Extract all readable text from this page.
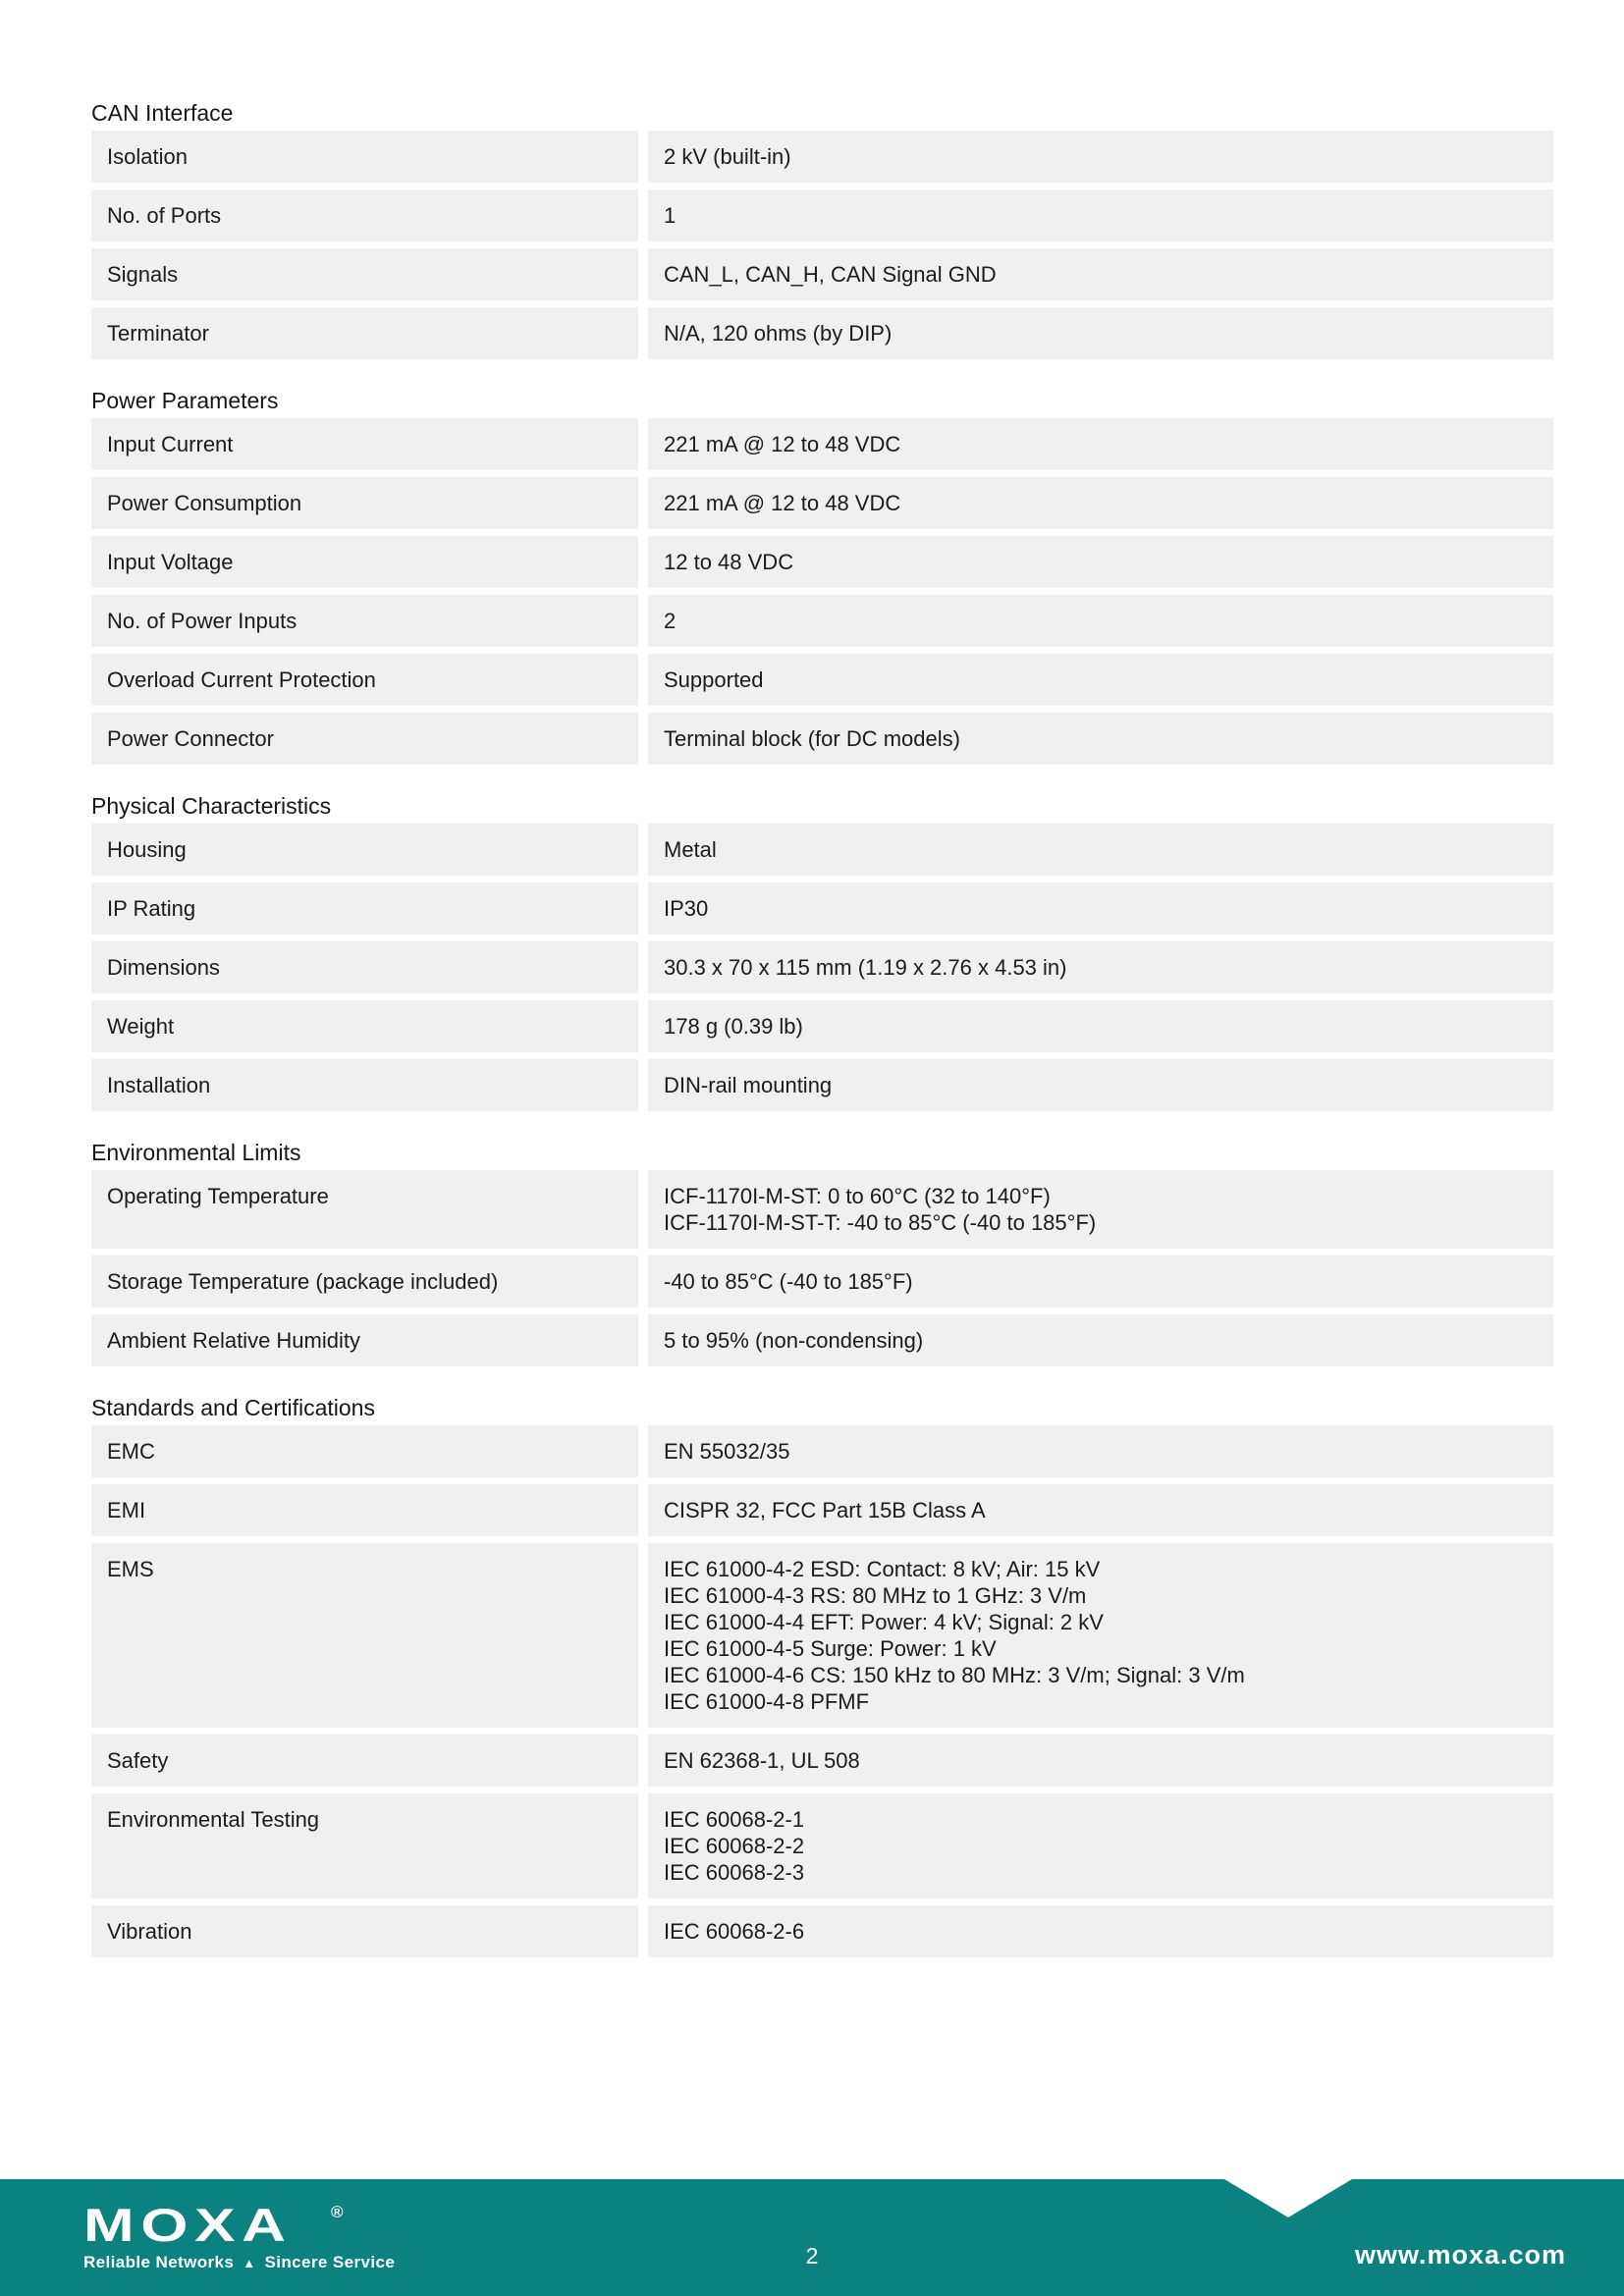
CAN Interface
Isolation	2 kV (built-in)
No. of Ports	1
Signals	CAN_L, CAN_H, CAN Signal GND
Terminator	N/A, 120 ohms (by DIP)
Power Parameters
Input Current	221 mA @ 12 to 48 VDC
Power Consumption	221 mA @ 12 to 48 VDC
Input Voltage	12 to 48 VDC
No. of Power Inputs	2
Overload Current Protection	Supported
Power Connector	Terminal block (for DC models)
Physical Characteristics
Housing	Metal
IP Rating	IP30
Dimensions	30.3 x 70 x 115 mm (1.19 x 2.76 x 4.53 in)
Weight	178 g (0.39 lb)
Installation	DIN-rail mounting
Environmental Limits
Operating Temperature	ICF-1170I-M-ST: 0 to 60°C (32 to 140°F)
ICF-1170I-M-ST-T: -40 to 85°C (-40 to 185°F)
Storage Temperature (package included)	-40 to 85°C (-40 to 185°F)
Ambient Relative Humidity	5 to 95% (non-condensing)
Standards and Certifications
EMC	EN 55032/35
EMI	CISPR 32, FCC Part 15B Class A
EMS	IEC 61000-4-2 ESD: Contact: 8 kV; Air: 15 kV
IEC 61000-4-3 RS: 80 MHz to 1 GHz: 3 V/m
IEC 61000-4-4 EFT: Power: 4 kV; Signal: 2 kV
IEC 61000-4-5 Surge: Power: 1 kV
IEC 61000-4-6 CS: 150 kHz to 80 MHz: 3 V/m; Signal: 3 V/m
IEC 61000-4-8 PFMF
Safety	EN 62368-1, UL 508
Environmental Testing	IEC 60068-2-1
IEC 60068-2-2
IEC 60068-2-3
Vibration	IEC 60068-2-6
MOXA ®
Reliable Networks ▲ Sincere Service	2	www.moxa.com
